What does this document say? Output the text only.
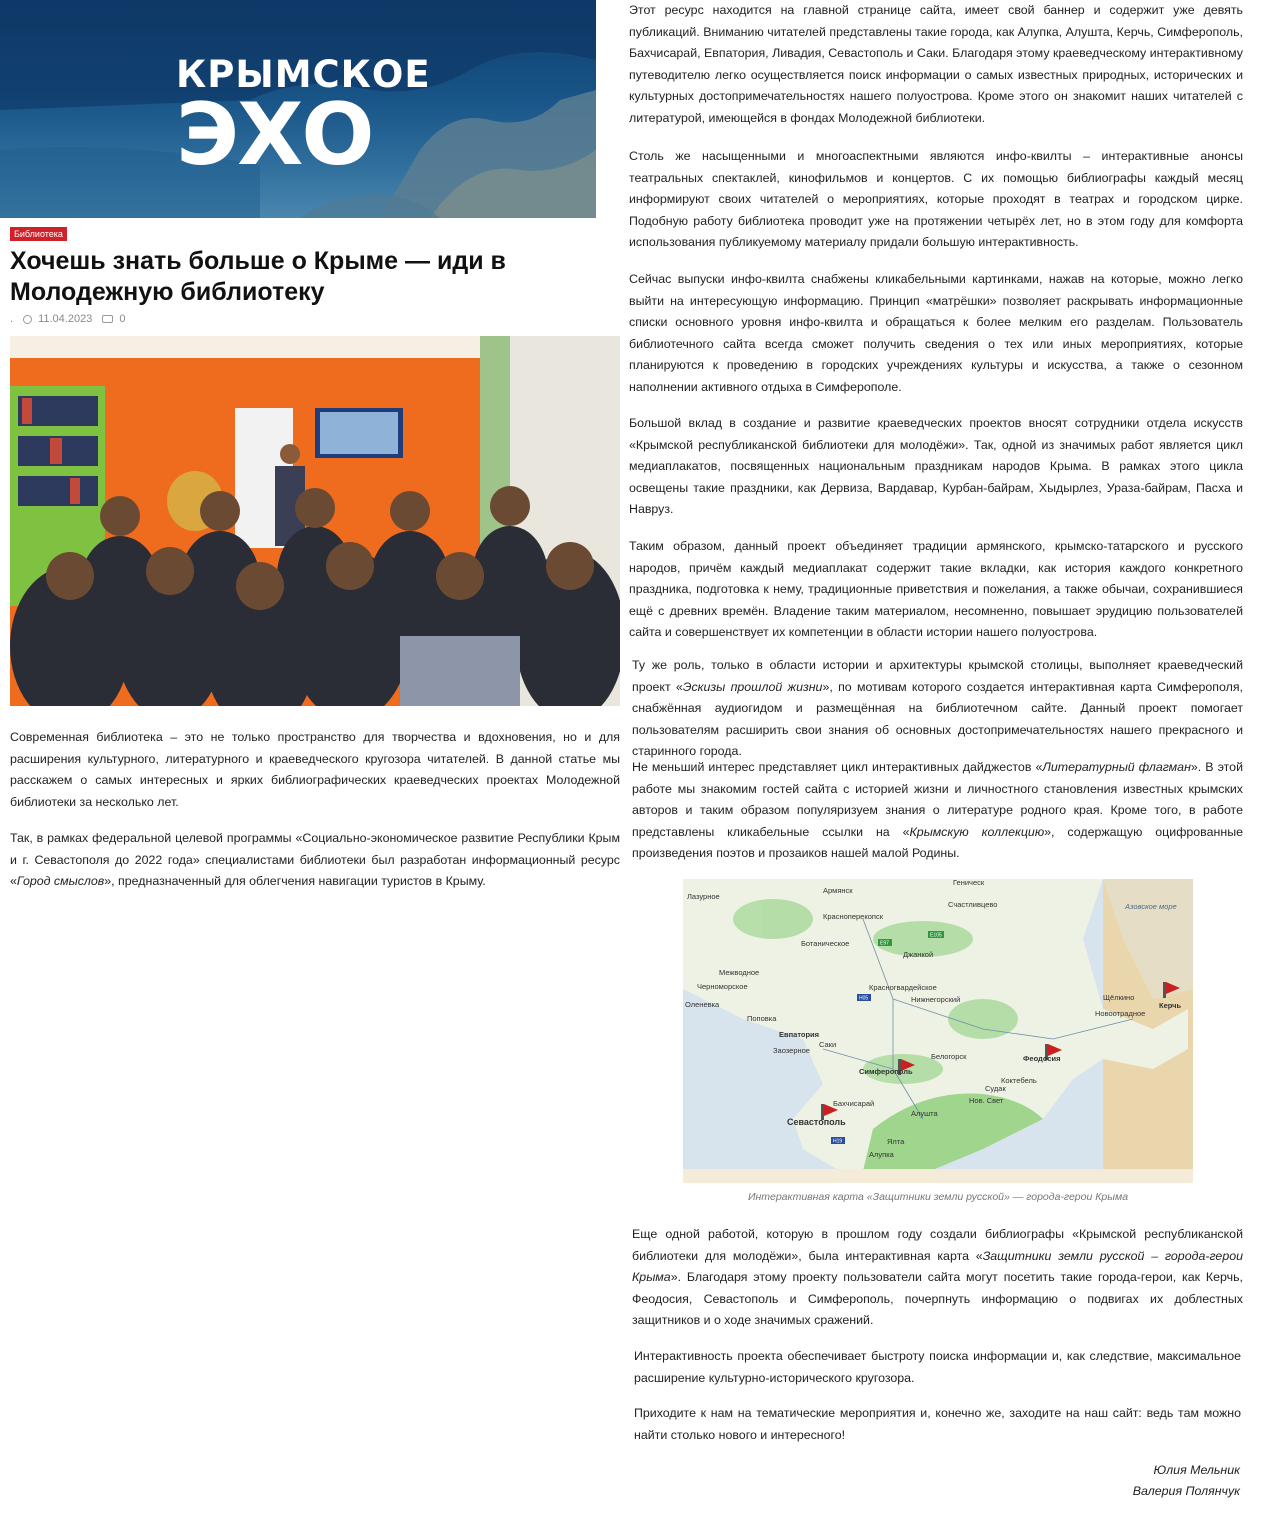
КРЫМСКОЕ
ЭХО
Библиотека
Хочешь знать больше о Крыме — иди в Молодежную библиотеку
. 11.04.2023 0

Современная библиотека – это не только пространство для творчества и вдохновения, но и для расширения культурного, литературного и краеведческого кругозора читателей. В данной статье мы расскажем о самых интересных и ярких библиографических краеведческих проектах Молодежной библиотеки за несколько лет.

Так, в рамках федеральной целевой программы «Социально-экономическое развитие Республики Крым и г. Севастополя до 2022 года» специалистами библиотеки был разработан информационный ресурс «Город смыслов», предназначенный для облегчения навигации туристов в Крыму.

Этот ресурс находится на главной странице сайта, имеет свой баннер и содержит уже девять публикаций. Вниманию читателей представлены такие города, как Алупка, Алушта, Керчь, Симферополь, Бахчисарай, Евпатория, Ливадия, Севастополь и Саки. Благодаря этому краеведческому интерактивному путеводителю легко осуществляется поиск информации о самых известных природных, исторических и культурных достопримечательностях нашего полуострова. Кроме этого он знакомит наших читателей с литературой, имеющейся в фондах Молодежной библиотеки.

Столь же насыщенными и многоаспектными являются инфо-квилты – интерактивные анонсы театральных спектаклей, кинофильмов и концертов. С их помощью библиографы каждый месяц информируют своих читателей о мероприятиях, которые проходят в театрах и городском цирке. Подобную работу библиотека проводит уже на протяжении четырёх лет, но в этом году для комфорта использования публикуемому материалу придали большую интерактивность.

Сейчас выпуски инфо-квилта снабжены кликабельными картинками, нажав на которые, можно легко выйти на интересующую информацию. Принцип «матрёшки» позволяет раскрывать информационные списки основного уровня инфо-квилта и обращаться к более мелким его разделам. Пользователь библиотечного сайта всегда сможет получить сведения о тех или иных мероприятиях, которые планируются к проведению в городских учреждениях культуры и искусства, а также о сезонном наполнении активного отдыха в Симферополе.

Большой вклад в создание и развитие краеведческих проектов вносят сотрудники отдела искусств «Крымской республиканской библиотеки для молодёжи». Так, одной из значимых работ является цикл медиаплакатов, посвященных национальным праздникам народов Крыма. В рамках этого цикла освещены такие праздники, как Дервиза, Вардавар, Курбан-байрам, Хыдырлез, Ураза-байрам, Пасха и Навруз.

Таким образом, данный проект объединяет традиции армянского, крымско-татарского и русского народов, причём каждый медиаплакат содержит такие вкладки, как история каждого конкретного праздника, подготовка к нему, традиционные приветствия и пожелания, а также обычаи, сохранившиеся ещё с древних времён. Владение таким материалом, несомненно, повышает эрудицию пользователей сайта и совершенствует их компетенции в области истории нашего полуострова.

Ту же роль, только в области истории и архитектуры крымской столицы, выполняет краеведческий проект «Эскизы прошлой жизни», по мотивам которого создается интерактивная карта Симферополя, снабжённая аудиогидом и размещённая на библиотечном сайте. Данный проект помогает пользователям расширить свои знания об основных достопримечательностях нашего прекрасного и старинного города.

Не меньший интерес представляет цикл интерактивных дайджестов «Литературный флагман». В этой работе мы знакомим гостей сайта с историей жизни и личностного становления известных крымских авторов и таким образом популяризуем знания о литературе родного края. Кроме того, в работе представлены кликабельные ссылки на «Крымскую коллекцию», содержащую оцифрованные произведения поэтов и прозаиков нашей малой Родины.

Армянск
Геническ
Лазурное
Счастливцево
Красноперекопск
Азовское море
Ботаническое
Джанкой
Межводное
Черноморское	Красногвардейское
Нижнегорский	Щёлкино
Керчь
Оленевка
Новоотрадное
Поповка
Евпатория
Саки
Заозерное
Симферополь
Белогорск	Феодосия
Коктебель
Судак
Бахчисарай
Севастополь
Алушта
Нов. Свет
Ялта
Алупка
E97
E105
H05
H19

Интерактивная карта «Защитники земли русской» — города-герои Крыма

Еще одной работой, которую в прошлом году создали библиографы «Крымской республиканской библиотеки для молодёжи», была интерактивная карта «Защитники земли русской – города-герои Крыма». Благодаря этому проекту пользователи сайта могут посетить такие города-герои, как Керчь, Феодосия, Севастополь и Симферополь, почерпнуть информацию о подвигах их доблестных защитников и о ходе значимых сражений.

Интерактивность проекта обеспечивает быстроту поиска информации и, как следствие, максимальное расширение культурно-исторического кругозора.

Приходите к нам на тематические мероприятия и, конечно же, заходите на наш сайт: ведь там можно найти столько нового и интересного!

Юлия Мельник

Валерия Полянчук
